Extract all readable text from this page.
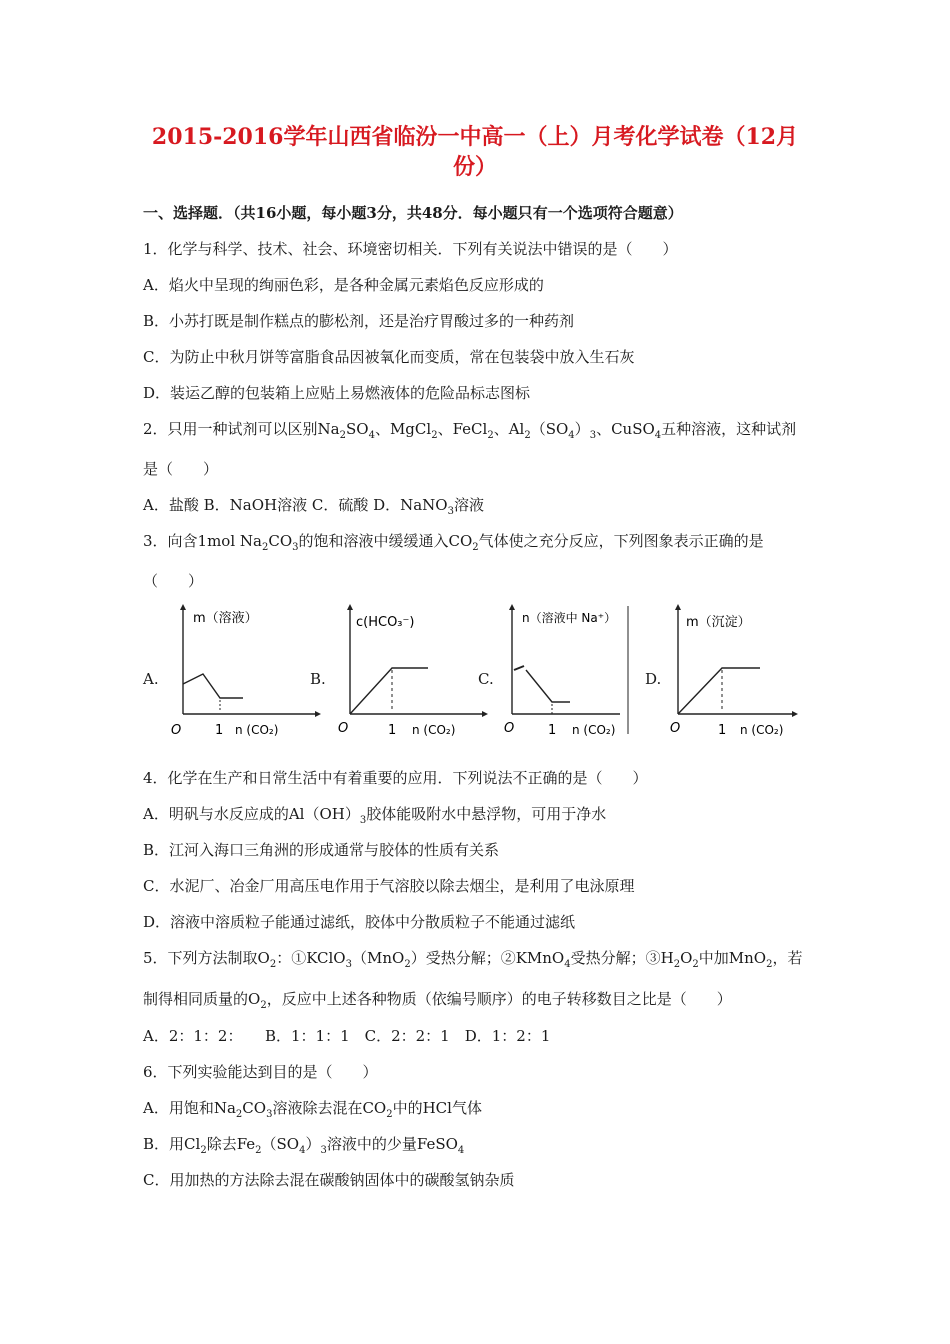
2015-2016学年山西省临汾一中高一（上）月考化学试卷（12月
份）
一、选择题．（共16小题，每小题3分，共48分．每小题只有一个选项符合题意）
1．化学与科学、技术、社会、环境密切相关．下列有关说法中错误的是（　　）
A．焰火中呈现的绚丽色彩，是各种金属元素焰色反应形成的
B．小苏打既是制作糕点的膨松剂，还是治疗胃酸过多的一种药剂
C．为防止中秋月饼等富脂食品因被氧化而变质，常在包装袋中放入生石灰
D．装运乙醇的包装箱上应贴上易燃液体的危险品标志图标
2．只用一种试剂可以区别$Na_2SO_4$、MgCl$_2$、FeCl$_2$、$Al_2(SO_4)_3$、CuSO$_4$五种溶液，这种试剂
是（　　）
A．盐酸 B．NaOH溶液 C．硫酸 D．NaNO$_3$溶液
3．向含1mol $Na_2CO_3$的饱和溶液中缓缓通入$CO_2$气体使之充分反应，下列图象表示正确的是
（　　）
A.
m（溶液）
O	1 n (CO₂)
B.
c(HCO₃⁻)
O	1 n (CO₂)
C.
n（溶液中 Na⁺）
O	1 n (CO₂)
D.
m（沉淀）
O	1 n (CO₂)
4．化学在生产和日常生活中有着重要的应用．下列说法不正确的是（　　）
A．明矾与水反应成的$Al(OH)_3$胶体能吸附水中悬浮物，可用于净水
B．江河入海口三角洲的形成通常与胶体的性质有关系
C．水泥厂、冶金厂用高压电作用于气溶胶以除去烟尘，是利用了电泳原理
D．溶液中溶质粒子能通过滤纸，胶体中分散质粒子不能通过滤纸
5．下列方法制取$O_2$：①KClO$_3$（MnO$_2$）受热分解；②KMnO$_4$受热分解；$③H_2O_2$中加MnO$_2$，若
制得相同质量的$O_2$，反应中上述各种物质（依编号顺序）的电子转移数目之比是（　　）
A．2：1：2：　　B．1：1：1　C．2：2：1　D．1：2：1
6．下列实验能达到目的是（　　）
A．用饱和$Na_2CO_3$溶液除去混在$CO_2$中的HCl气体
B．用$Cl_2$除去$Fe_2(SO_4)_3$溶液中的少量FeSO$_4$
C．用加热的方法除去混在碳酸钠固体中的碳酸氢钠杂质
